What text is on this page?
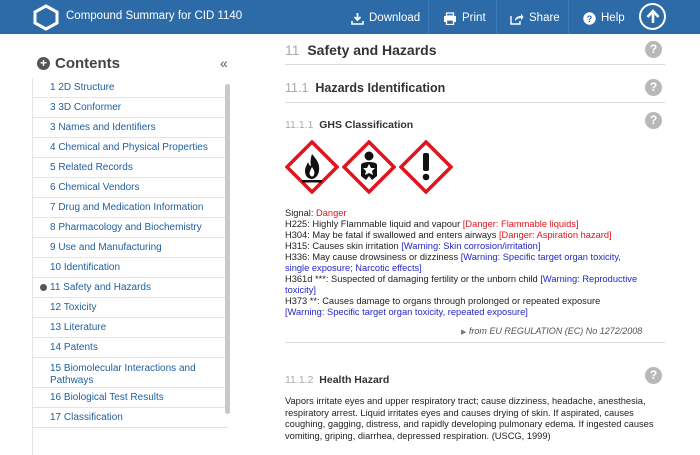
Compound Summary for CID 1140	Download	Print	Share	? Help
+ Contents	«
1 2D Structure
3 3D Conformer
3 Names and Identifiers
4 Chemical and Physical Properties
5 Related Records
6 Chemical Vendors
7 Drug and Medication Information
8 Pharmacology and Biochemistry
9 Use and Manufacturing
10 Identification
11 Safety and Hazards
12 Toxicity
13 Literature
14 Patents
15 Biomolecular Interactions and Pathways
16 Biological Test Results
17 Classification
11 Safety and Hazards	?
11.1 Hazards Identification	?
11.1.1 GHS Classification	?
Signal: Danger
H225: Highly Flammable liquid and vapour [Danger: Flammable liquids]
H304: May be fatal if swallowed and enters airways [Danger: Aspiration hazard]
H315: Causes skin irritation [Warning: Skin corrosion/irritation]
H336: May cause drowsiness or dizziness [Warning: Specific target organ toxicity,
single exposure; Narcotic effects]
H361d ***: Suspected of damaging fertility or the unborn child [Warning: Reproductive
toxicity]
H373 **: Causes damage to organs through prolonged or repeated exposure
[Warning: Specific target organ toxicity, repeated exposure]
▶ from EU REGULATION (EC) No 1272/2008
11.1.2 Health Hazard	?
Vapors irritate eyes and upper respiratory tract; cause dizziness, headache, anesthesia, respiratory arrest. Liquid irritates eyes and causes drying of skin. If aspirated, causes coughing, gagging, distress, and rapidly developing pulmonary edema. If ingested causes vomiting, griping, diarrhea, depressed respiration. (USCG, 1999)
